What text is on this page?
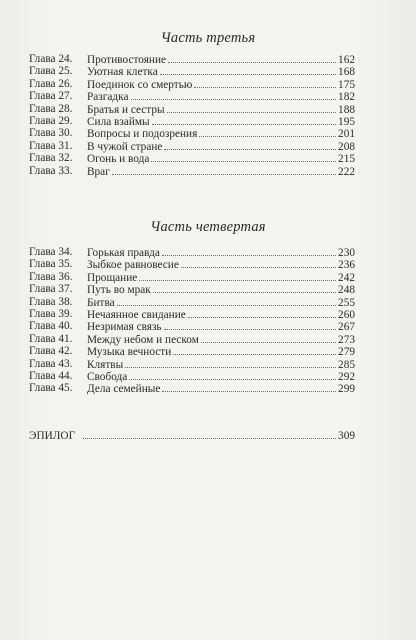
Часть третья
Глава 24. Противостояние	162
Глава 25. Уютная клетка	168
Глава 26. Поединок со смертью	175
Глава 27. Разгадка	182
Глава 28. Братья и сестры	188
Глава 29. Сила взаймы	195
Глава 30. Вопросы и подозрения	201
Глава 31. В чужой стране	208
Глава 32. Огонь и вода	215
Глава 33. Враг	222
Часть четвертая
Глава 34. Горькая правда	230
Глава 35. Зыбкое равновесие	236
Глава 36. Прощание	242
Глава 37. Путь во мрак	248
Глава 38. Битва	255
Глава 39. Нечаянное свидание	260
Глава 40. Незримая связь	267
Глава 41. Между небом и песком	273
Глава 42. Музыка вечности	279
Глава 43. Клятвы	285
Глава 44. Свобода	292
Глава 45. Дела семейные	299
ЭПИЛОГ	309
